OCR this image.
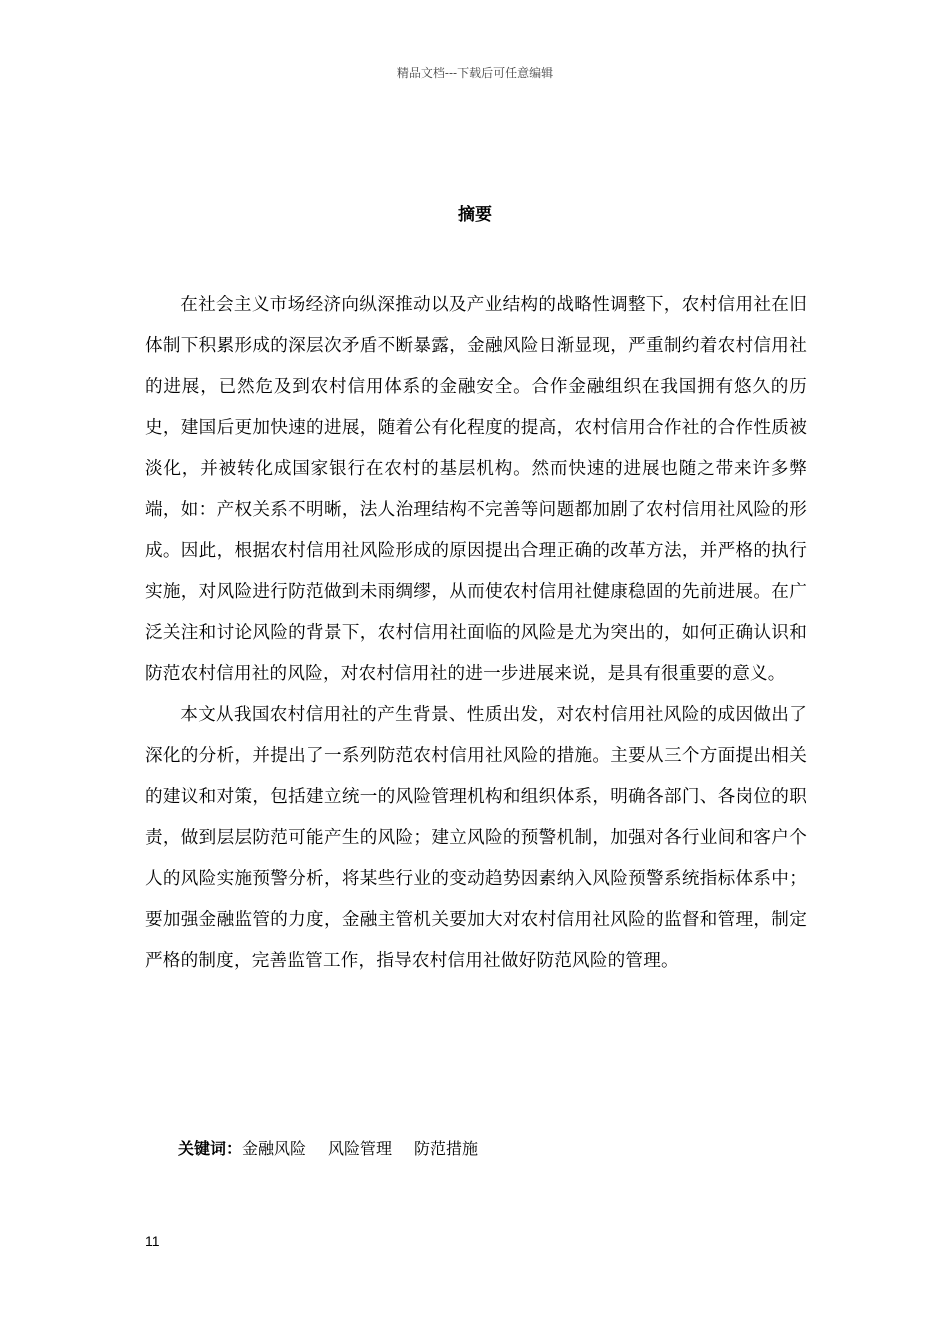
精品文档---下载后可任意编辑
摘要

在社会主义市场经济向纵深推动以及产业结构的战略性调整下，农村信用社在旧体制下积累形成的深层次矛盾不断暴露，金融风险日渐显现，严重制约着农村信用社的进展，已然危及到农村信用体系的金融安全。合作金融组织在我国拥有悠久的历史，建国后更加快速的进展，随着公有化程度的提高，农村信用合作社的合作性质被淡化，并被转化成国家银行在农村的基层机构。然而快速的进展也随之带来许多弊端，如：产权关系不明晰，法人治理结构不完善等问题都加剧了农村信用社风险的形成。因此，根据农村信用社风险形成的原因提出合理正确的改革方法，并严格的执行实施，对风险进行防范做到未雨绸缪，从而使农村信用社健康稳固的先前进展。在广泛关注和讨论风险的背景下，农村信用社面临的风险是尤为突出的，如何正确认识和防范农村信用社的风险，对农村信用社的进一步进展来说，是具有很重要的意义。

本文从我国农村信用社的产生背景、性质出发，对农村信用社风险的成因做出了深化的分析，并提出了一系列防范农村信用社风险的措施。主要从三个方面提出相关的建议和对策，包括建立统一的风险管理机构和组织体系，明确各部门、各岗位的职责，做到层层防范可能产生的风险；建立风险的预警机制，加强对各行业间和客户个人的风险实施预警分析，将某些行业的变动趋势因素纳入风险预警系统指标体系中；要加强金融监管的力度，金融主管机关要加大对农村信用社风险的监督和管理，制定严格的制度，完善监管工作，指导农村信用社做好防范风险的管理。

关键词：金融风险 风险管理 防范措施
11
